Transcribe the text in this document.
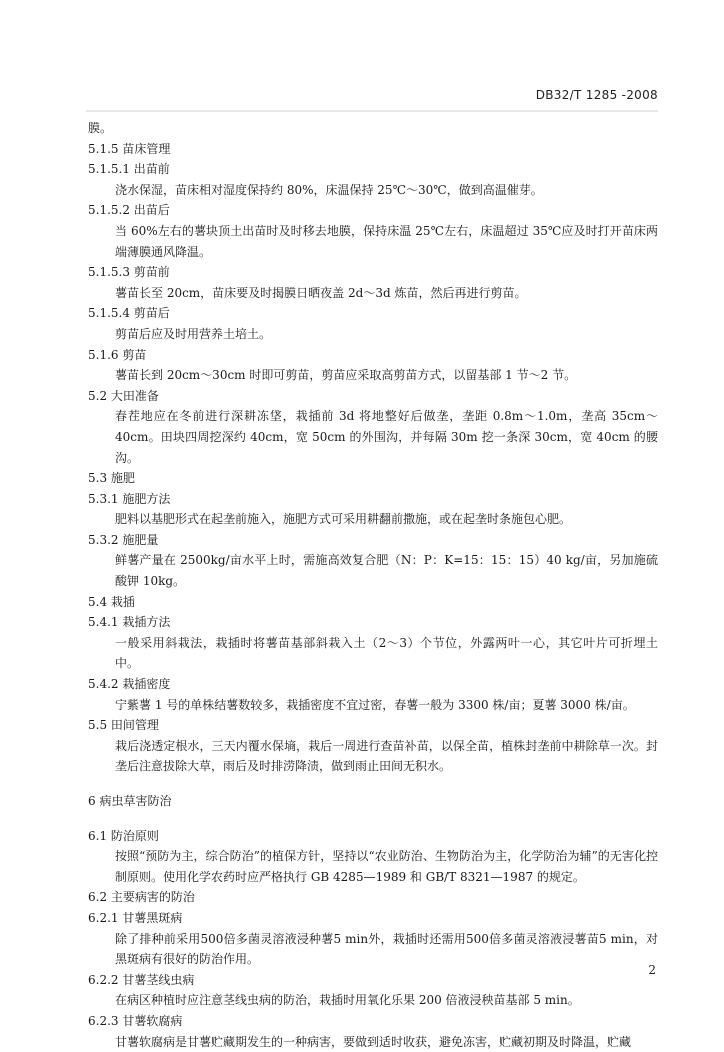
DB32/T 1285 -2008
膜。
5.1.5 苗床管理
5.1.5.1 出苗前
浇水保湿，苗床相对湿度保持约 80%，床温保持 25℃～30℃，做到高温催芽。
5.1.5.2 出苗后
当 60%左右的薯块顶土出苗时及时移去地膜，保持床温 25℃左右，床温超过 35℃应及时打开苗床两端薄膜通风降温。
5.1.5.3 剪苗前
薯苗长至 20cm，苗床要及时揭膜日晒夜盖 2d～3d 炼苗，然后再进行剪苗。
5.1.5.4 剪苗后
剪苗后应及时用营养土培土。
5.1.6 剪苗
薯苗长到 20cm～30cm 时即可剪苗，剪苗应采取高剪苗方式，以留基部 1 节～2 节。
5.2 大田准备
春茬地应在冬前进行深耕冻垡，栽插前 3d 将地整好后做垄，垄距 0.8m～1.0m，垄高 35cm～40cm。田块四周挖深约 40cm，宽 50cm 的外围沟，并每隔 30m 挖一条深 30cm，宽 40cm 的腰沟。
5.3 施肥
5.3.1 施肥方法
肥料以基肥形式在起垄前施入，施肥方式可采用耕翻前撒施，或在起垄时条施包心肥。
5.3.2 施肥量
鲜薯产量在 2500kg/亩水平上时，需施高效复合肥（N：P：K=15：15：15）40 kg/亩，另加施硫酸钾 10kg。
5.4 栽插
5.4.1 栽插方法
一般采用斜栽法，栽插时将薯苗基部斜栽入土（2～3）个节位，外露两叶一心，其它叶片可折埋土中。
5.4.2 栽插密度
宁紫薯 1 号的单株结薯数较多，栽插密度不宜过密，春薯一般为 3300 株/亩；夏薯 3000 株/亩。
5.5 田间管理
栽后浇透定根水，三天内覆水保墒，栽后一周进行查苗补苗，以保全苗，植株封垄前中耕除草一次。封垄后注意拔除大草，雨后及时排涝降渍，做到雨止田间无积水。
6 病虫草害防治
6.1 防治原则
按照“预防为主，综合防治”的植保方针，坚持以“农业防治、生物防治为主，化学防治为辅”的无害化控制原则。使用化学农药时应严格执行 GB 4285—1989 和 GB/T 8321—1987 的规定。
6.2 主要病害的防治
6.2.1 甘薯黑斑病
除了排种前采用500倍多菌灵溶液浸种薯5 min外，栽插时还需用500倍多菌灵溶液浸薯苗5 min，对黑斑病有很好的防治作用。
6.2.2 甘薯茎线虫病
在病区种植时应注意茎线虫病的防治，栽插时用氧化乐果 200 倍液浸秧苗基部 5 min。
6.2.3 甘薯软腐病
甘薯软腐病是甘薯贮藏期发生的一种病害，要做到适时收获，避免冻害，贮藏初期及时降温，贮藏
2
